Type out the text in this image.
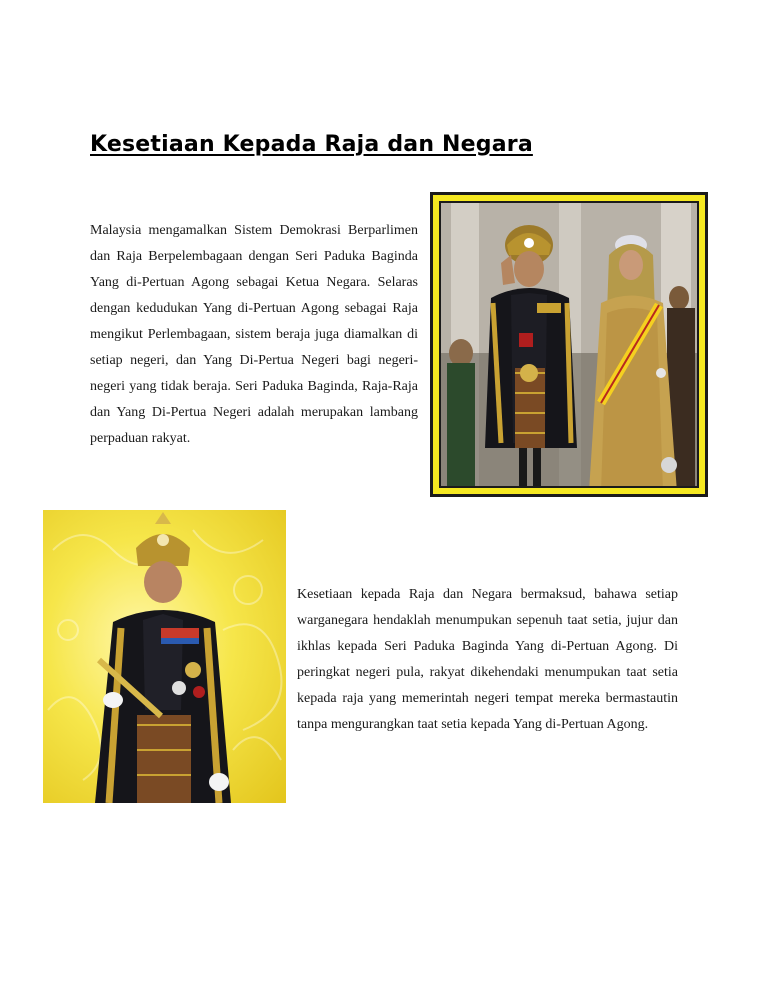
Kesetiaan Kepada Raja dan Negara

Malaysia mengamalkan Sistem Demokrasi Berparlimen dan Raja Berpelembagaan dengan Seri Paduka Baginda Yang di-Pertuan Agong sebagai Ketua Negara. Selaras dengan kedudukan Yang di-Pertuan Agong sebagai Raja mengikut Perlembagaan, sistem beraja juga diamalkan di setiap negeri, dan Yang Di-Pertua Negeri bagi negeri-negeri yang tidak beraja. Seri Paduka Baginda, Raja-Raja dan Yang Di-Pertua Negeri adalah merupakan lambang perpaduan rakyat.

Kesetiaan kepada Raja dan Negara bermaksud, bahawa setiap warganegara hendaklah menumpukan sepenuh taat setia, jujur dan ikhlas kepada Seri Paduka Baginda Yang di-Pertuan Agong. Di peringkat negeri pula, rakyat dikehendaki menumpukan taat setia kepada raja yang memerintah negeri tempat mereka bermastautin tanpa mengurangkan taat setia kepada Yang di-Pertuan Agong.
